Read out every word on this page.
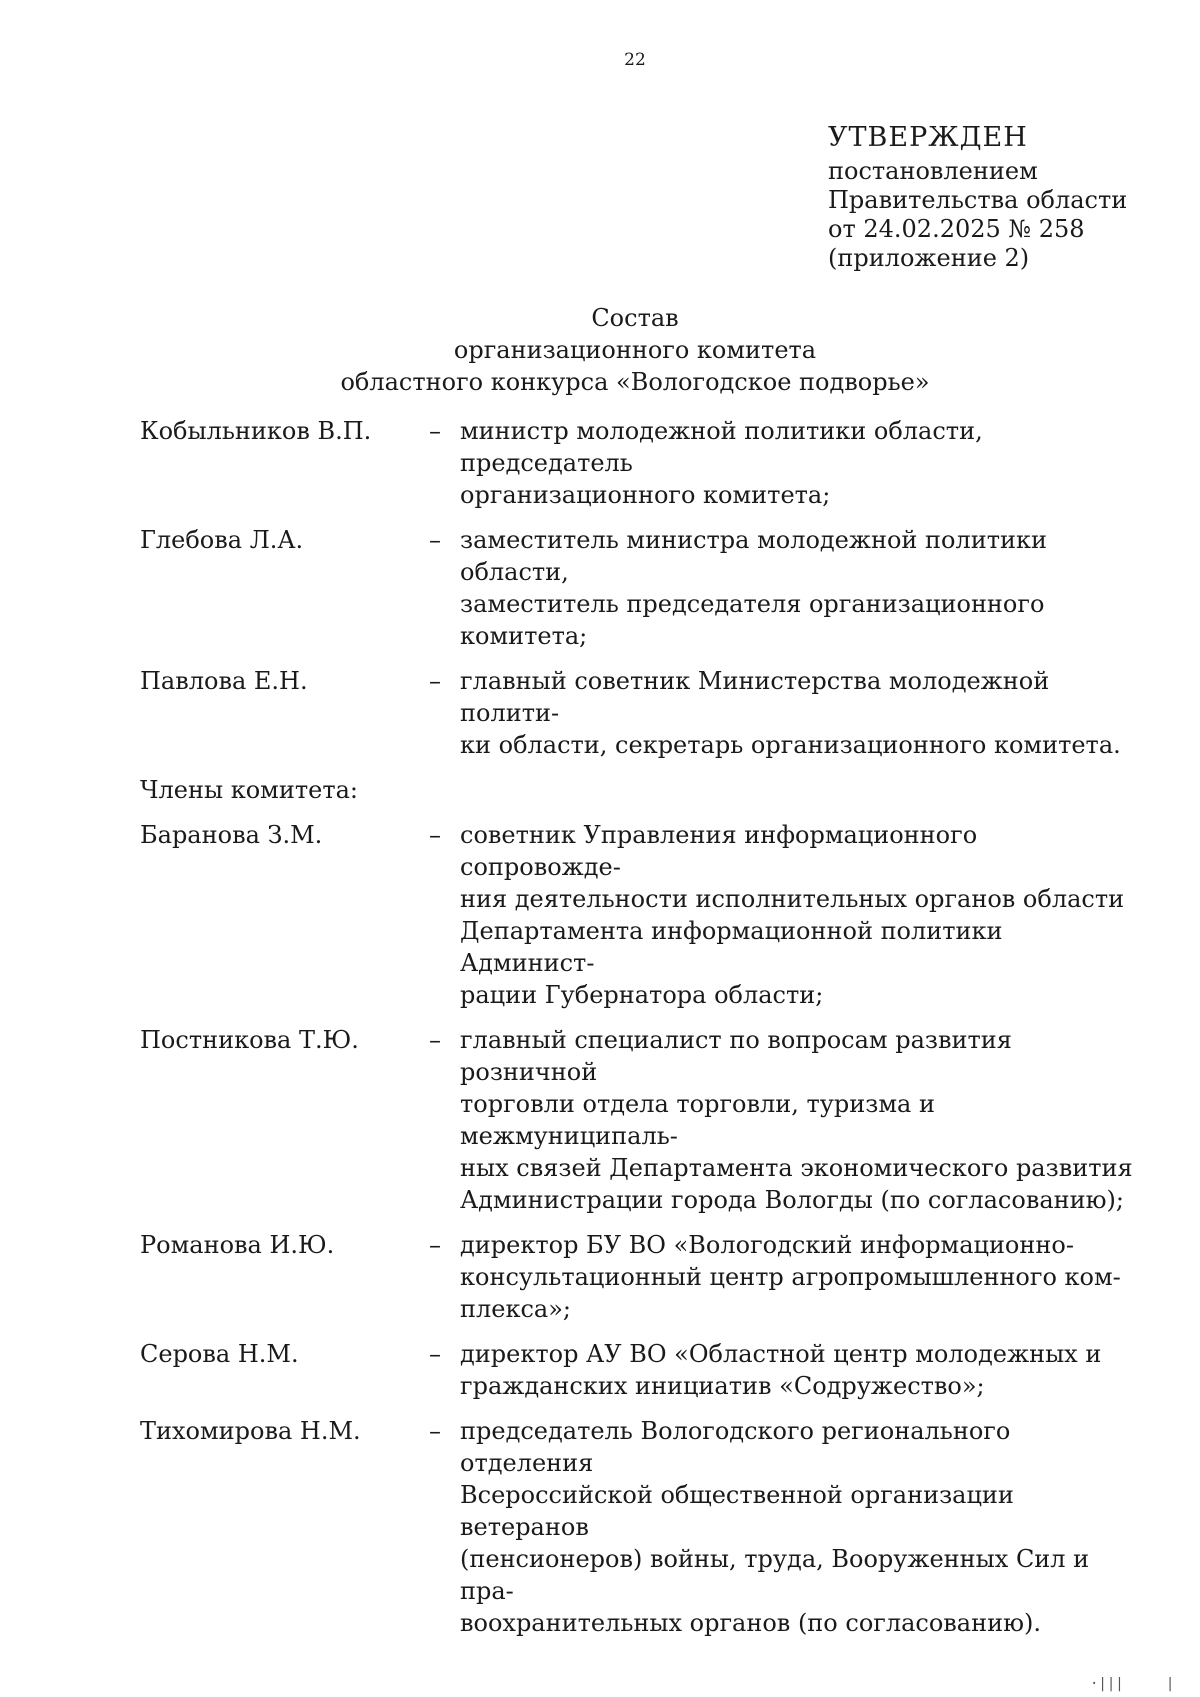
22
УТВЕРЖДЕН
постановлением
Правительства области
от 24.02.2025 № 258
(приложение 2)
Состав
организационного комитета
областного конкурса «Вологодское подворье»
Кобыльников В.П.	– министр молодежной политики области, председатель
организационного комитета;
Глебова Л.А.	– заместитель министра молодежной политики области,
заместитель председателя организационного комитета;
Павлова Е.Н.	– главный советник Министерства молодежной полити-
ки области, секретарь организационного комитета.
Члены комитета:
Баранова З.М.	– советник Управления информационного сопровожде-
ния деятельности исполнительных органов области
Департамента информационной политики Админист-
рации Губернатора области;
Постникова Т.Ю.	– главный специалист по вопросам развития розничной
торговли отдела торговли, туризма и межмуниципаль-
ных связей Департамента экономического развития
Администрации города Вологды (по согласованию);
Романова И.Ю.	– директор БУ ВО «Вологодский информационно-
консультационный центр агропромышленного ком-
плекса»;
Серова Н.М.	– директор АУ ВО «Областной центр молодежных и
гражданских инициатив «Содружество»;
Тихомирова Н.М.	– председатель Вологодского регионального отделения
Всероссийской общественной организации ветеранов
(пенсионеров) войны, труда, Вооруженных Сил и пра-
воохранительных органов (по согласованию).
·|||     |
